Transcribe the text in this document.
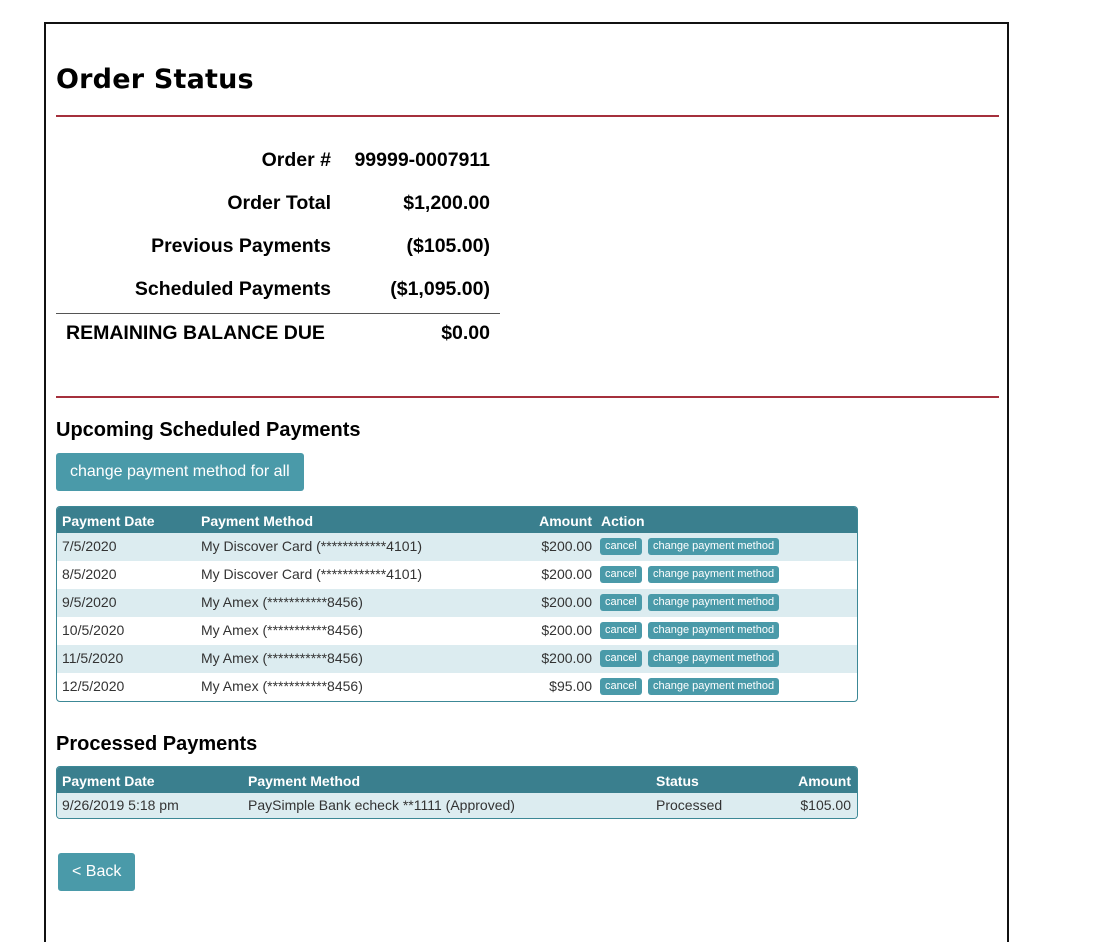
Order Status
Order # 99999-0007911
Order Total	$1,200.00
Previous Payments	($105.00)
Scheduled Payments	($1,095.00)
REMAINING BALANCE DUE	$0.00
Upcoming Scheduled Payments
change payment method for all
Payment Date	Payment Method	Amount Action
7/5/2020	My Discover Card (************4101)	$200.00	cancel	change payment method
8/5/2020	My Discover Card (************4101)	$200.00	cancel	change payment method
9/5/2020	My Amex (***********8456)	$200.00	cancel	change payment method
10/5/2020	My Amex (***********8456)	$200.00	cancel	change payment method
11/5/2020	My Amex (***********8456)	$200.00	cancel	change payment method
12/5/2020	My Amex (***********8456)	$95.00	cancel	change payment method
Processed Payments
Payment Date	Payment Method	Status	Amount
9/26/2019 5:18 pm	PaySimple Bank echeck **1111 (Approved)	Processed	$105.00
< Back
